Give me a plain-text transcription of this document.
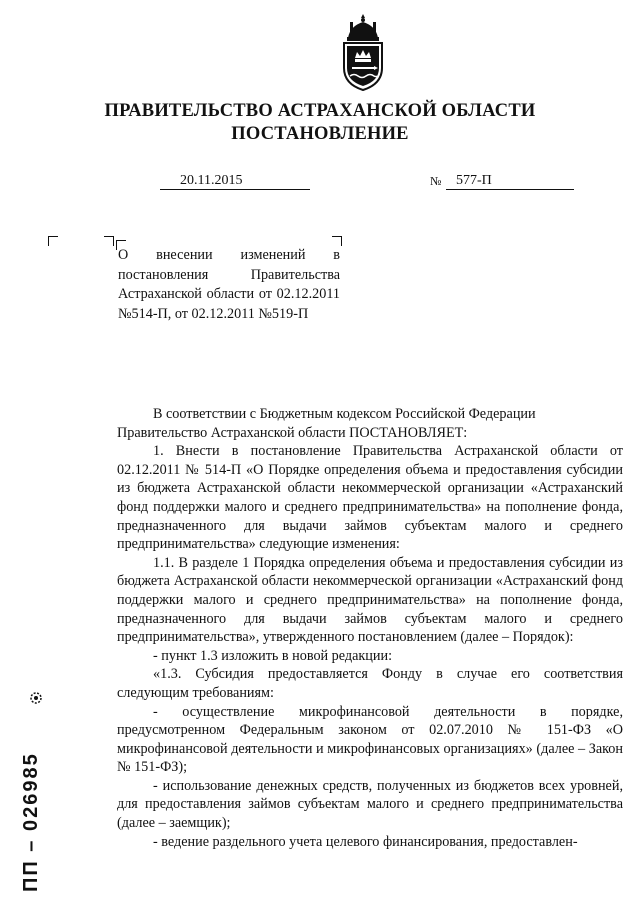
ПРАВИТЕЛЬСТВО АСТРАХАНСКОЙ ОБЛАСТИ
ПОСТАНОВЛЕНИЕ
20.11.2015	№	577-П
О внесении изменений в постановления Правительства Астраханской области от 02.12.2011 №514-П, от 02.12.2011 №519-П

В соответствии с Бюджетным кодексом Российской Федерации

Правительство Астраханской области ПОСТАНОВЛЯЕТ:

1. Внести в постановление Правительства Астраханской области от 02.12.2011 № 514-П «О Порядке определения объема и предоставления субсидии из бюджета Астраханской области некоммерческой организации «Астраханский фонд поддержки малого и среднего предпринимательства» на пополнение фонда, предназначенного для выдачи займов субъектам малого и среднего предпринимательства» следующие изменения:

1.1. В разделе 1 Порядка определения объема и предоставления субсидии из бюджета Астраханской области некоммерческой организации «Астраханский фонд поддержки малого и среднего предпринимательства» на пополнение фонда, предназначенного для выдачи займов субъектам малого и среднего предпринимательства», утвержденного постановлением (далее – Порядок):

- пункт 1.3 изложить в новой редакции:

«1.3. Субсидия предоставляется Фонду в случае его соответствия следующим требованиям:

- осуществление микрофинансовой деятельности в порядке, предусмотренном Федеральным законом от 02.07.2010 № 151-ФЗ «О микрофинансовой деятельности и микрофинансовых организациях» (далее – Закон № 151-ФЗ);

- использование денежных средств, полученных из бюджетов всех уровней, для предоставления займов субъектам малого и среднего предпринимательства (далее – заемщик);

- ведение раздельного учета целевого финансирования, предоставлен-

ПП – 026985
